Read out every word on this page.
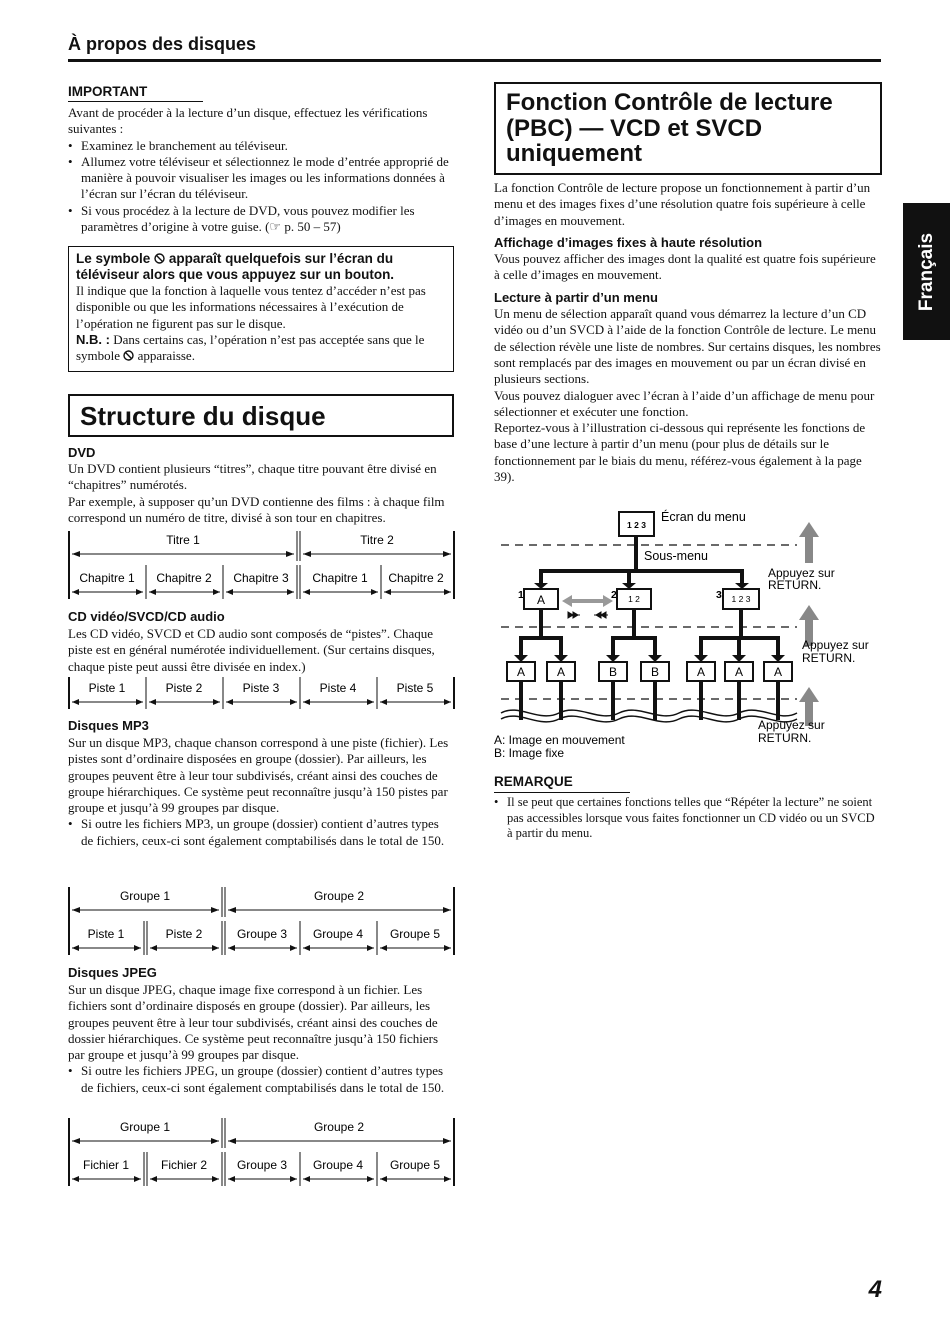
À propos des disques
Français
IMPORTANT

Avant de procéder à la lecture d’un disque, effectuez les vérifications suivantes :

• Examinez le branchement au téléviseur.

• Allumez votre téléviseur et sélectionnez le mode d’entrée approprié de manière à pouvoir visualiser les images ou les informations données à l’écran sur l’écran du téléviseur.

• Si vous procédez à la lecture de DVD, vous pouvez modifier les paramètres d’origine à votre guise. (☞ p. 50 – 57)

Le symbole apparaît quelquefois sur l’écran du téléviseur alors que vous appuyez sur un bouton.

Il indique que la fonction à laquelle vous tentez d’accéder n’est pas disponible ou que les informations nécessaires à l’exécution de l’opération ne figurent pas sur le disque.

N.B. : Dans certains cas, l’opération n’est pas acceptée sans que le symbole apparaisse.

Structure du disque
DVD

Un DVD contient plusieurs “titres”, chaque titre pouvant être divisé en “chapitres” numérotés.

Par exemple, à supposer qu’un DVD contienne des films : à chaque film correspond un numéro de titre, divisé à son tour en chapitres.

Titre 1	Titre 2
Chapitre 1 Chapitre 2 Chapitre 3 Chapitre 1 Chapitre 2
CD vidéo/SVCD/CD audio

Les CD vidéo, SVCD et CD audio sont composés de “pistes”. Chaque piste est en général numérotée individuellement. (Sur certains disques, chaque piste peut aussi être divisée en index.)

Piste 1	Piste 2	Piste 3	Piste 4	Piste 5
Disques MP3

Sur un disque MP3, chaque chanson correspond à une piste (fichier). Les pistes sont d’ordinaire disposées en groupe (dossier). Par ailleurs, les groupes peuvent être à leur tour subdivisés, créant ainsi des couches de groupe hiérarchiques. Ce système peut reconnaître jusqu’à 150 pistes par groupe et jusqu’à 99 groupes par disque.

• Si outre les fichiers MP3, un groupe (dossier) contient d’autres types de fichiers, ceux-ci sont également comptabilisés dans le total de 150.

Groupe 1	Groupe 2
Piste 1	Piste 2	Groupe 3 Groupe 4 Groupe 5
Disques JPEG

Sur un disque JPEG, chaque image fixe correspond à un fichier. Les fichiers sont d’ordinaire disposés en groupe (dossier). Par ailleurs, les groupes peuvent être à leur tour subdivisés, créant ainsi des couches de dossier hiérarchiques. Ce système peut reconnaître jusqu’à 150 fichiers par groupe et jusqu’à 99 groupes par disque.

• Si outre les fichiers JPEG, un groupe (dossier) contient d’autres types de fichiers, ceux-ci sont également comptabilisés dans le total de 150.

Groupe 1	Groupe 2
Fichier 1	Fichier 2 Groupe 3 Groupe 4 Groupe 5
Fonction Contrôle de lecture (PBC) — VCD et SVCD uniquement

La fonction Contrôle de lecture propose un fonctionnement à partir d’un menu et des images fixes d’une résolution quatre fois supérieure à celle d’images en mouvement.

Affichage d’images fixes à haute résolution

Vous pouvez afficher des images dont la qualité est quatre fois supérieure à celle d’images en mouvement.

Lecture à partir d’un menu

Un menu de sélection apparaît quand vous démarrez la lecture d’un CD vidéo ou d’un SVCD à l’aide de la fonction Contrôle de lecture. Le menu de sélection révèle une liste de nombres. Sur certains disques, les nombres sont remplacés par des images en mouvement ou par un écran divisé en plusieurs sections.

Vous pouvez dialoguer avec l’écran à l’aide d’un affichage de menu pour sélectionner et exécuter une fonction.

Reportez-vous à l’illustration ci-dessous qui représente les fonctions de base d’une lecture à partir d’un menu (pour plus de détails sur le fonctionnement par le biais du menu, référez-vous également à la page 39).

1 2 3
Écran du menu
Sous-menu
1 A	2 1 2	3 1 2 3
A	A	B	B	A A	A
Appuyez sur
RETURN.
Appuyez sur
RETURN.
Appuyez sur
RETURN.
A: Image en mouvement
B: Image fixe
REMARQUE

• Il se peut que certaines fonctions telles que “Répéter la lecture” ne soient pas accessibles lorsque vous faites fonctionner un CD vidéo ou un SVCD à partir du menu.

4
